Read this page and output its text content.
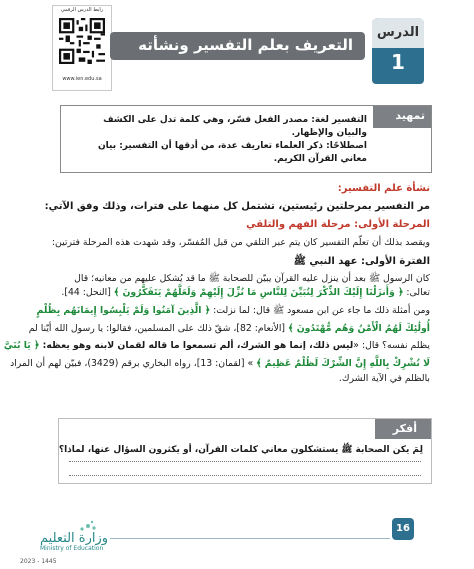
رابط الدرس الرقمي
www.ien.edu.sa
التعريف بعلم التفسير ونشأته
الدرس
1
تمهيد
التفسير لغة: مصدر الفعل فسّر، وهي كلمة تدل على الكشف
والبيان والإظهار.
اصطلاحًا: ذكر العلماء تعاريف عدة، من أدقها أن التفسير: بيان
معاني القرآن الكريم.
نشأة علم التفسير:
مر التفسير بمرحلتين رئيستين، تشتمل كل منهما على فترات، وذلك وفق الآتي:
المرحلة الأولى: مرحلة الفهم والتلقي
ويقصد بذلك أن تعلّم التفسير كان يتم عبر التلقي من قبل المُفسّر، وقد شهدت هذه المرحلة فترتين:
الفترة الأولى: عهد النبي ﷺ
كان الرسول ﷺ بعد أن ينزل عليه القرآن يبيّن للصحابة ﷺ ما قد يُشكل عليهم من معانيه؛ قال
تعالى: ﴿ وَأَنزَلْنَا إِلَيْكَ الذِّكْرَ لِتُبَيِّنَ لِلنَّاسِ مَا نُزِّلَ إِلَيْهِمْ وَلَعَلَّهُمْ يَتَفَكَّرُونَ ﴾ [النحل: 44].
ومن أمثلة ذلك ما جاء عن ابن مسعود ﷺ قال: لما نزلت: ﴿ الَّذِينَ آمَنُوا وَلَمْ يَلْبِسُوا إِيمَانَهُم بِظُلْمٍ
أُولَٰئِكَ لَهُمُ الْأَمْنُ وَهُم مُّهْتَدُونَ ﴾ [الأنعام: 82]، شقّ ذلك على المسلمين، فقالوا: يا رسول الله أيّنا لم
يظلم نفسه؟ قال: «ليس ذلك، إنما هو الشرك، ألم تسمعوا ما قاله لقمان لابنه وهو يعظه: ﴿ يَا بُنَيَّ
لَا تُشْرِكْ بِاللَّهِ إِنَّ الشِّرْكَ لَظُلْمٌ عَظِيمٌ ﴾ » [لقمان: 13]، رواه البخاري برقم (3429)، فبيّن لهم أن المراد
بالظلم في الآية الشرك.
أفكر
لِمَ يكن الصحابة ﷺ يستشكلون معاني كلمات القرآن، أو يكثرون السؤال عنها، لماذا؟
وزارة التعليم
Ministry of Education
2023 - 1445
16
